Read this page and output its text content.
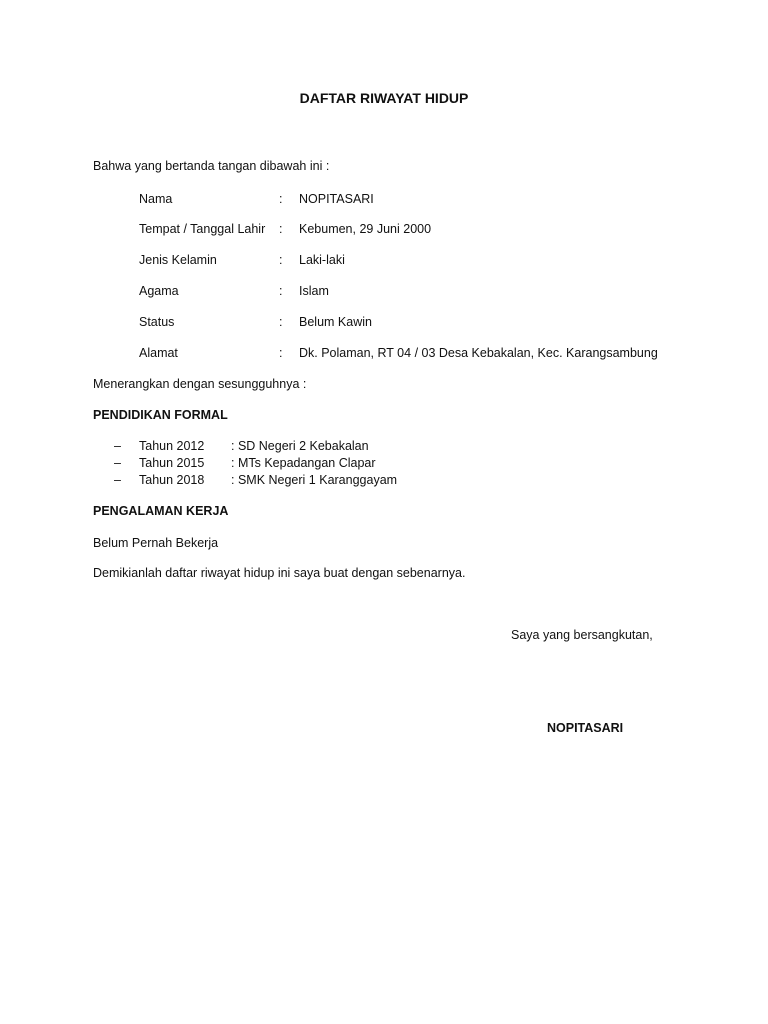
DAFTAR RIWAYAT HIDUP
Bahwa yang bertanda tangan dibawah ini :
Nama	: NOPITASARI
Tempat / Tanggal Lahir : Kebumen, 29 Juni 2000
Jenis Kelamin	: Laki-laki
Agama	: Islam
Status	: Belum Kawin
Alamat	: Dk. Polaman, RT 04 / 03 Desa Kebakalan, Kec. Karangsambung
Menerangkan dengan sesungguhnya :
PENDIDIKAN FORMAL
– Tahun 2012 : SD Negeri 2 Kebakalan
– Tahun 2015 : MTs Kepadangan Clapar
– Tahun 2018 : SMK Negeri 1 Karanggayam
PENGALAMAN KERJA
Belum Pernah Bekerja
Demikianlah daftar riwayat hidup ini saya buat dengan sebenarnya.
Saya yang bersangkutan,
NOPITASARI
